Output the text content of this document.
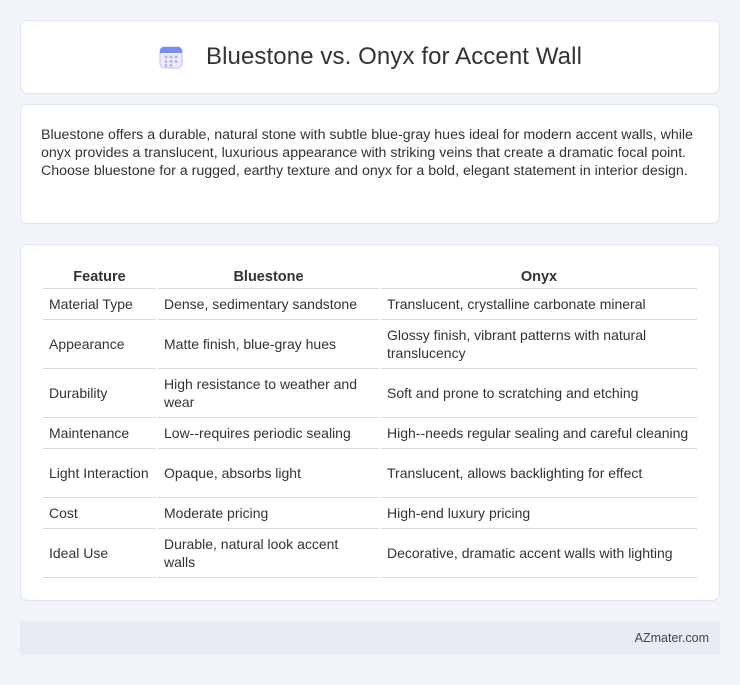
Bluestone vs. Onyx for Accent Wall

Bluestone offers a durable, natural stone with subtle blue-gray hues ideal for modern accent walls, while onyx provides a translucent, luxurious appearance with striking veins that create a dramatic focal point. Choose bluestone for a rugged, earthy texture and onyx for a bold, elegant statement in interior design.

Feature	Bluestone	Onyx
Material Type	Dense, sedimentary sandstone	Translucent, crystalline carbonate mineral
Appearance	Matte finish, blue-gray hues	Glossy finish, vibrant patterns with natural translucency
Durability	High resistance to weather and wear	Soft and prone to scratching and etching
Maintenance	Low--requires periodic sealing	High--needs regular sealing and careful cleaning
Light Interaction	Opaque, absorbs light	Translucent, allows backlighting for effect
Cost	Moderate pricing	High-end luxury pricing
Ideal Use	Durable, natural look accent walls	Decorative, dramatic accent walls with lighting
AZmater.com
